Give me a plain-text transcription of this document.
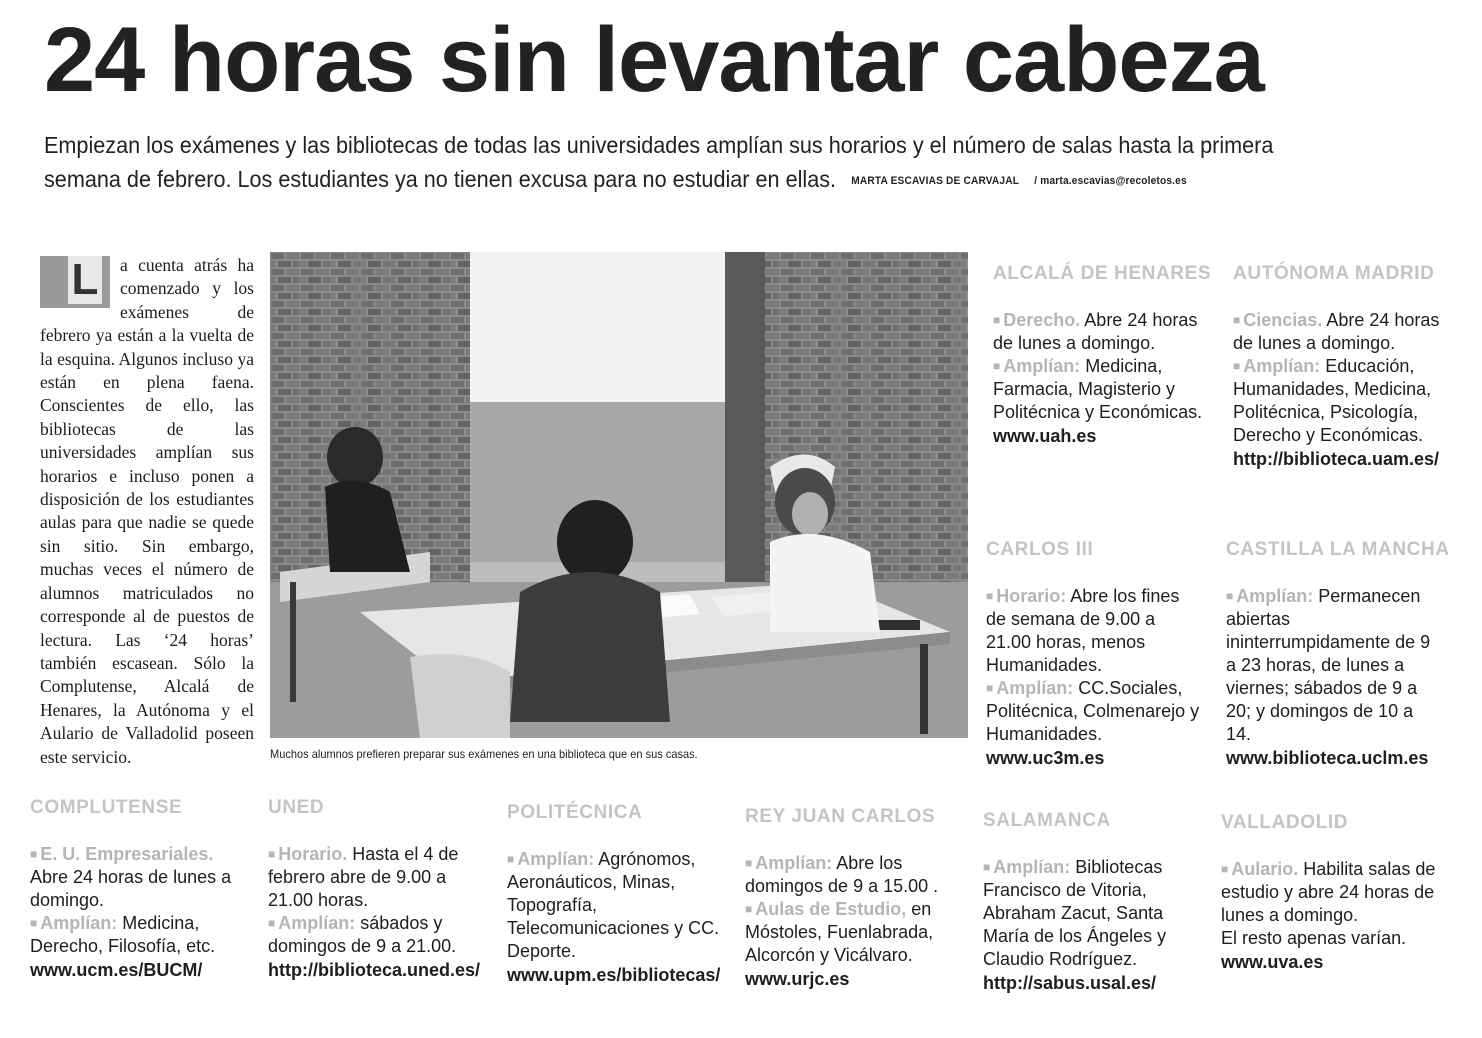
24 horas sin levantar cabeza
Empiezan los exámenes y las bibliotecas de todas las universidades amplían sus horarios y el número de salas hasta la primera semana de febrero. Los estudiantes ya no tienen excusa para no estudiar en ellas. MARTA ESCAVIAS DE CARVAJAL / marta.escavias@recoletos.es
L a cuenta atrás ha comenzado y los exámenes de febrero ya están a la vuelta de la esquina. Algunos incluso ya están en plena faena. Conscientes de ello, las bibliotecas de las universidades amplían sus horarios e incluso ponen a disposición de los estudiantes aulas para que nadie se quede sin sitio. Sin embargo, muchas veces el número de alumnos matriculados no corresponde al de puestos de lectura. Las ‘24 horas’ también escasean. Sólo la Complutense, Alcalá de Henares, la Autónoma y el Aulario de Valladolid poseen este servicio.	Muchos alumnos prefieren preparar sus exámenes en una biblioteca que en sus casas.
ALCALÁ DE HENARES

■ Derecho. Abre 24 horas de lunes a domingo.

■ Amplían: Medicina, Farmacia, Magisterio y Politécnica y Económicas.

www.uah.es
AUTÓNOMA MADRID

■ Ciencias. Abre 24 horas de lunes a domingo.

■ Amplían: Educación, Humanidades, Medicina, Politécnica, Psicología, Derecho y Económicas.

http://biblioteca.uam.es/
CARLOS III

■ Horario: Abre los fines de semana de 9.00 a 21.00 horas, menos Humanidades.

■ Amplían: CC.Sociales, Politécnica, Colmenarejo y Humanidades.

www.uc3m.es
CASTILLA LA MANCHA

■ Amplían: Permanecen abiertas ininterrumpidamente de 9 a 23 horas, de lunes a viernes; sábados de 9 a 20; y domingos de 10 a 14.

www.biblioteca.uclm.es
COMPLUTENSE

■ E. U. Empresariales. Abre 24 horas de lunes a domingo.

■ Amplían: Medicina, Derecho, Filosofía, etc.

www.ucm.es/BUCM/
UNED

■ Horario. Hasta el 4 de febrero abre de 9.00 a 21.00 horas.

■ Amplían: sábados y domingos de 9 a 21.00.

http://biblioteca.uned.es/
POLITÉCNICA

■ Amplían: Agrónomos, Aeronáuticos, Minas, Topografía, Telecomunicaciones y CC. Deporte.

www.upm.es/bibliotecas/
REY JUAN CARLOS

■ Amplían: Abre los domingos de 9 a 15.00 .

■ Aulas de Estudio, en Móstoles, Fuenlabrada, Alcorcón y Vicálvaro.

www.urjc.es
SALAMANCA

■ Amplían: Bibliotecas Francisco de Vitoria, Abraham Zacut, Santa María de los Ángeles y Claudio Rodríguez.

http://sabus.usal.es/
VALLADOLID

■ Aulario. Habilita salas de estudio y abre 24 horas de lunes a domingo.

El resto apenas varían.

www.uva.es
